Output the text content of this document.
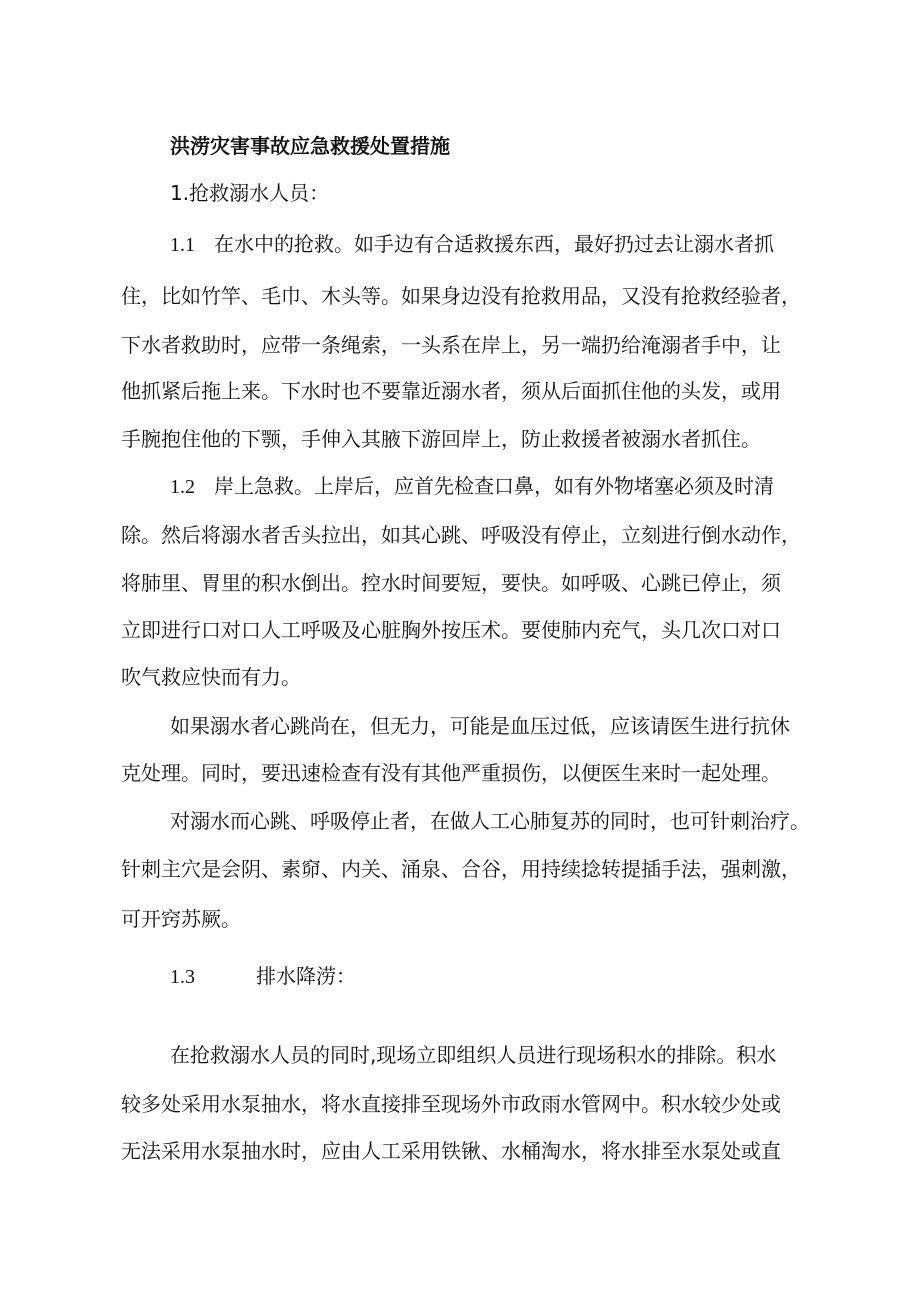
洪涝灾害事故应急救援处置措施
1.抢救溺水人员：
1.1 在水中的抢救。如手边有合适救援东西，最好扔过去让溺水者抓
住，比如竹竿、毛巾、木头等。如果身边没有抢救用品，又没有抢救经验者，
下水者救助时，应带一条绳索，一头系在岸上，另一端扔给淹溺者手中，让
他抓紧后拖上来。下水时也不要靠近溺水者，须从后面抓住他的头发，或用
手腕抱住他的下颚，手伸入其腋下游回岸上，防止救援者被溺水者抓住。
1.2 岸上急救。上岸后，应首先检查口鼻，如有外物堵塞必须及时清
除。然后将溺水者舌头拉出，如其心跳、呼吸没有停止，立刻进行倒水动作，
将肺里、胃里的积水倒出。控水时间要短，要快。如呼吸、心跳已停止，须
立即进行口对口人工呼吸及心脏胸外按压术。要使肺内充气，头几次口对口
吹气救应快而有力。
如果溺水者心跳尚在，但无力，可能是血压过低，应该请医生进行抗休
克处理。同时，要迅速检查有没有其他严重损伤，以便医生来时一起处理。
对溺水而心跳、呼吸停止者，在做人工心肺复苏的同时，也可针刺治疗。
针刺主穴是会阴、素窌、内关、涌泉、合谷，用持续捻转提插手法，强刺激，
可开窍苏厥。
1.3	排水降涝：
在抢救溺水人员的同时,现场立即组织人员进行现场积水的排除。积水
较多处采用水泵抽水，将水直接排至现场外市政雨水管网中。积水较少处或
无法采用水泵抽水时，应由人工采用铁锹、水桶淘水，将水排至水泵处或直
